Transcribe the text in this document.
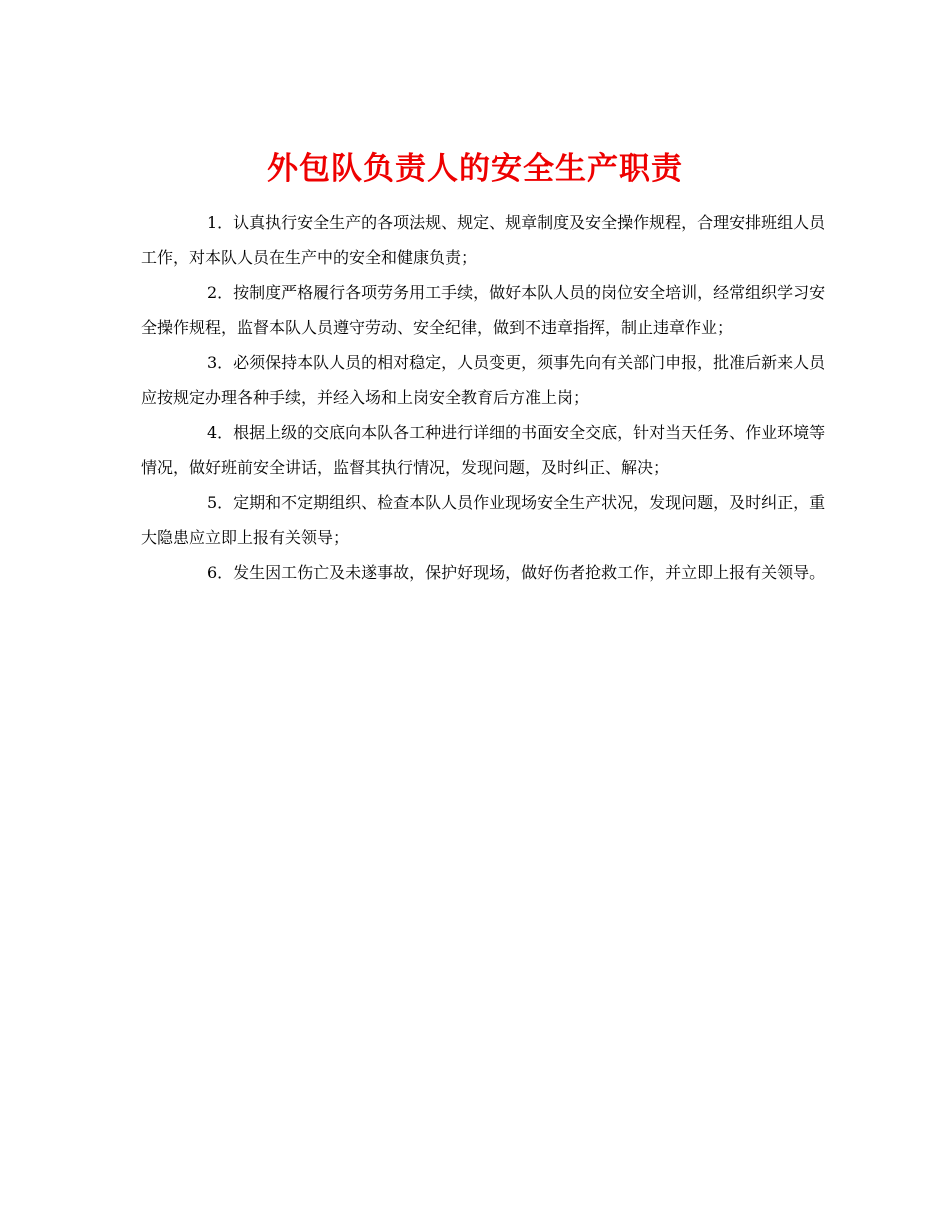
外包队负责人的安全生产职责

1．认真执行安全生产的各项法规、规定、规章制度及安全操作规程，合理安排班组人员工作，对本队人员在生产中的安全和健康负责；

2．按制度严格履行各项劳务用工手续，做好本队人员的岗位安全培训，经常组织学习安全操作规程，监督本队人员遵守劳动、安全纪律，做到不违章指挥，制止违章作业；

3．必须保持本队人员的相对稳定，人员变更，须事先向有关部门申报，批准后新来人员应按规定办理各种手续，并经入场和上岗安全教育后方准上岗；

4．根据上级的交底向本队各工种进行详细的书面安全交底，针对当天任务、作业环境等情况，做好班前安全讲话，监督其执行情况，发现问题，及时纠正、解决；

5．定期和不定期组织、检查本队人员作业现场安全生产状况，发现问题，及时纠正，重大隐患应立即上报有关领导；

6．发生因工伤亡及未遂事故，保护好现场，做好伤者抢救工作，并立即上报有关领导。
